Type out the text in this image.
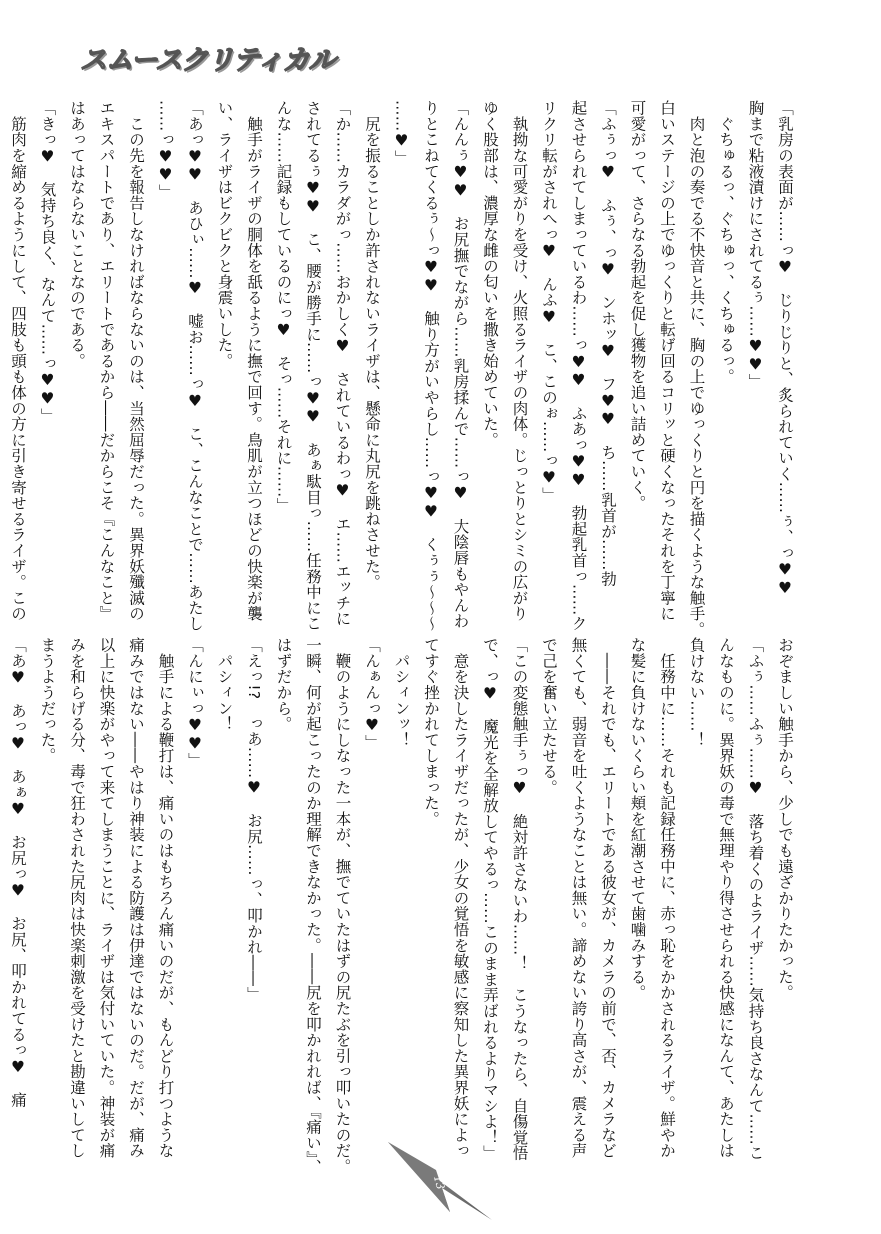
スムースクリティカル
「乳房の表面が……っ♥　じりじりと、炙られていく……ぅ、っ♥♥
胸まで粘液漬けにされてるぅ……♥♥」
　ぐちゅるっ、ぐちゅっ、くちゅるっ。
　肉と泡の奏でる不快音と共に、胸の上でゆっくりと円を描くような触手。
白いステージの上でゆっくりと転げ回るコリッと硬くなったそれを丁寧に
可愛がって、さらなる勃起を促し獲物を追い詰めていく。
「ふぅっ♥　ふぅ、っ♥　ンホッ♥　フ♥♥　ち……乳首が……勃
起させられてしまっているわ……っ♥♥　ふあっ♥♥　勃起乳首っ……ク
リクリ転がされへっ♥　んふ♥　こ、このぉ……っ♥」
　執拗な可愛がりを受け、火照るライザの肉体。じっとりとシミの広がり
ゆく股部は、濃厚な雌の匂いを撒き始めていた。
「んんぅ♥♥　お尻撫でながら……乳房揉んで……っ♥　大陰唇もやんわ
りとこねてくるぅ～っ♥♥　触り方がいやらし……っ♥♥　くぅぅ～～～
……♥」
　尻を振ることしか許されないライザは、懸命に丸尻を跳ねさせた。
「か……カラダがっ……おかしく♥　されているわっ♥　エ……エッチに
されてるぅ♥♥　こ、腰が勝手に……っ♥♥　あぁ駄目っ……任務中にこ
んな……記録もしているのにっ♥　そっ……それに……」
　触手がライザの胴体を舐るように撫で回す。鳥肌が立つほどの快楽が襲
い、ライザはビクビクと身震いした。
「あっ♥♥　あひぃ……♥　嘘お……っ♥　こ、こんなことで……あたし
……っ♥♥」
　この先を報告しなければならないのは、当然屈辱だった。異界妖殲滅の
エキスパートであり、エリートであるから――だからこそ『こんなこと』
はあってはならないことなのである。
「きっ♥　気持ち良く、なんて……っ♥♥」
　筋肉を縮めるようにして、四肢も頭も体の方に引き寄せるライザ。この
おぞましい触手から、少しでも遠ざかりたかった。
「ふぅ……ふぅ……♥　落ち着くのよライザ……気持ち良さなんて……こ
んなものに。異界妖の毒で無理やり得させられる快感になんて、あたしは
負けない……！
　任務中に……それも記録任務中に、赤っ恥をかかされるライザ。鮮やか
な髪に負けないくらい頬を紅潮させて歯噛みする。
　――それでも、エリートである彼女が、カメラの前で、否、カメラなど
無くても、弱音を吐くようなことは無い。諦めない誇り高さが、震える声
で己を奮い立たせる。
「この変態触手ぅっ♥　絶対許さないわ……！　こうなったら、自傷覚悟
で、っ♥　魔光を全解放してやるっ……このまま弄ばれるよりマシよ！」
　意を決したライザだったが、少女の覚悟を敏感に察知した異界妖によっ
てすぐ挫かれてしまった。
　パシィンッ！
「んぁんっ♥」
　鞭のようにしなった一本が、撫でていたはずの尻たぶを引っ叩いたのだ。
一瞬、何が起こったのか理解できなかった。――尻を叩かれれば、『痛い』、
はずだから。
「えっ!?　っあ……♥　お尻……っ、叩かれ――」
　パシィン！
「んにぃっ♥♥」
　触手による鞭打は、痛いのはもちろん痛いのだが、もんどり打つような
痛みではない――やはり神装による防護は伊達ではないのだ。だが、痛み
以上に快楽がやって来てしまうことに、ライザは気付いていた。神装が痛
みを和らげる分、毒で狂わされた尻肉は快楽刺激を受けたと勘違いしてし
まうようだった。
「あ♥　あっ♥　あぁ♥　お尻っ♥　お尻、叩かれてるっ♥　痛
13
